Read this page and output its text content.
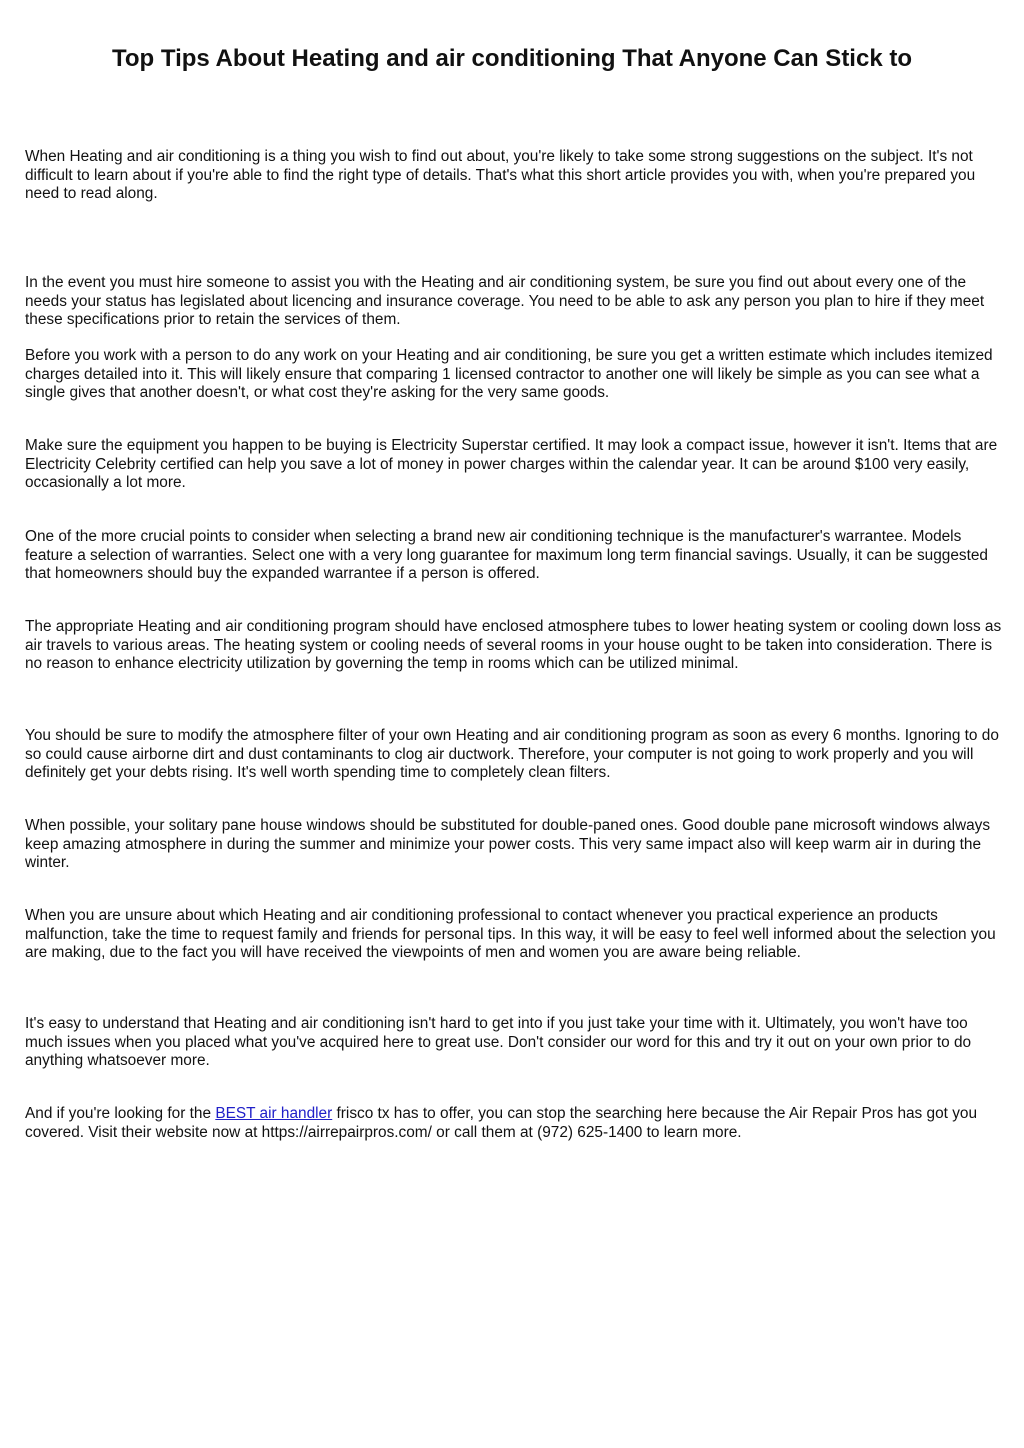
Top Tips About Heating and air conditioning That Anyone Can Stick to

When Heating and air conditioning is a thing you wish to find out about, you're likely to take some strong suggestions on the subject. It's not difficult to learn about if you're able to find the right type of details. That's what this short article provides you with, when you're prepared you need to read along.

In the event you must hire someone to assist you with the Heating and air conditioning system, be sure you find out about every one of the needs your status has legislated about licencing and insurance coverage. You need to be able to ask any person you plan to hire if they meet these specifications prior to retain the services of them.

Before you work with a person to do any work on your Heating and air conditioning, be sure you get a written estimate which includes itemized charges detailed into it. This will likely ensure that comparing 1 licensed contractor to another one will likely be simple as you can see what a single gives that another doesn't, or what cost they're asking for the very same goods.

Make sure the equipment you happen to be buying is Electricity Superstar certified. It may look a compact issue, however it isn't. Items that are Electricity Celebrity certified can help you save a lot of money in power charges within the calendar year. It can be around $100 very easily, occasionally a lot more.

One of the more crucial points to consider when selecting a brand new air conditioning technique is the manufacturer's warrantee. Models feature a selection of warranties. Select one with a very long guarantee for maximum long term financial savings. Usually, it can be suggested that homeowners should buy the expanded warrantee if a person is offered.

The appropriate Heating and air conditioning program should have enclosed atmosphere tubes to lower heating system or cooling down loss as air travels to various areas. The heating system or cooling needs of several rooms in your house ought to be taken into consideration. There is no reason to enhance electricity utilization by governing the temp in rooms which can be utilized minimal.

You should be sure to modify the atmosphere filter of your own Heating and air conditioning program as soon as every 6 months. Ignoring to do so could cause airborne dirt and dust contaminants to clog air ductwork. Therefore, your computer is not going to work properly and you will definitely get your debts rising. It's well worth spending time to completely clean filters.

When possible, your solitary pane house windows should be substituted for double-paned ones. Good double pane microsoft windows always keep amazing atmosphere in during the summer and minimize your power costs. This very same impact also will keep warm air in during the winter.

When you are unsure about which Heating and air conditioning professional to contact whenever you practical experience an products malfunction, take the time to request family and friends for personal tips. In this way, it will be easy to feel well informed about the selection you are making, due to the fact you will have received the viewpoints of men and women you are aware being reliable.

It's easy to understand that Heating and air conditioning isn't hard to get into if you just take your time with it. Ultimately, you won't have too much issues when you placed what you've acquired here to great use. Don't consider our word for this and try it out on your own prior to do anything whatsoever more.

And if you're looking for the BEST air handler frisco tx has to offer, you can stop the searching here because the Air Repair Pros has got you covered. Visit their website now at https://airrepairpros.com/ or call them at (972) 625-1400 to learn more.
